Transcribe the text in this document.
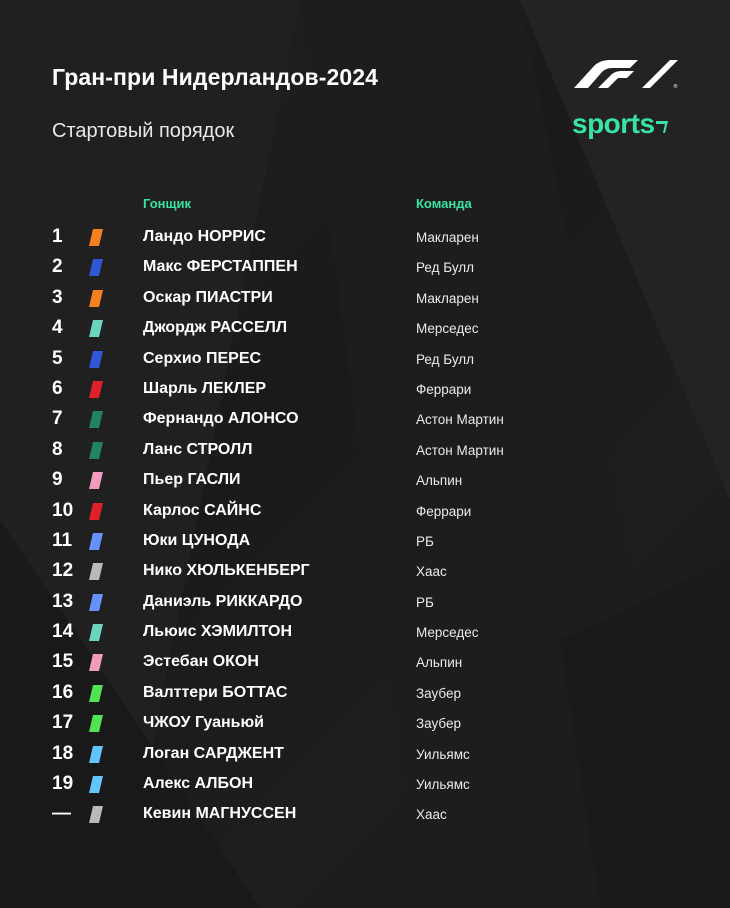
Гран-при Нидерландов-2024
Стартовый порядок
®
sports
Гонщик	Команда
1	Ландо НОРРИС	Макларен
2	Макс ФЕРСТАППЕН	Ред Булл
3	Оскар ПИАСТРИ	Макларен
4	Джордж РАССЕЛЛ	Мерседес
5	Серхио ПЕРЕС	Ред Булл
6	Шарль ЛЕКЛЕР	Феррари
7	Фернандо АЛОНСО	Астон Мартин
8	Ланс СТРОЛЛ	Астон Мартин
9	Пьер ГАСЛИ	Альпин
10	Карлос САЙНС	Феррари
11	Юки ЦУНОДА	РБ
12	Нико ХЮЛЬКЕНБЕРГ	Хаас
13	Даниэль РИККАРДО	РБ
14	Льюис ХЭМИЛТОН	Мерседес
15	Эстебан ОКОН	Альпин
16	Валттери БОТТАС	Заубер
17	ЧЖОУ Гуаньюй	Заубер
18	Логан САРДЖЕНТ	Уильямс
19	Алекс АЛБОН	Уильямс
—	Кевин МАГНУССЕН	Хаас
